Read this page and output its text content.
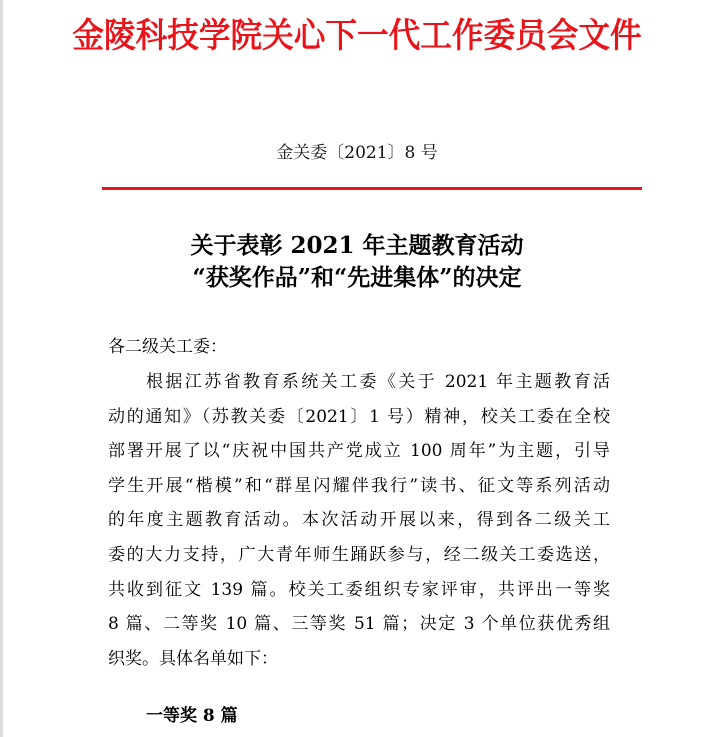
金陵科技学院关心下一代工作委员会文件
金关委〔2021〕8 号
关于表彰 2021 年主题教育活动
“获奖作品”和“先进集体”的决定
各二级关工委：
根据江苏省教育系统关工委《关于 2021 年主题教育活
动的通知》（苏教关委〔2021〕1 号）精神，校关工委在全校
部署开展了以“庆祝中国共产党成立 100 周年”为主题，引导
学生开展“楷模”和“群星闪耀伴我行”读书、征文等系列活动
的年度主题教育活动。本次活动开展以来，得到各二级关工
委的大力支持，广大青年师生踊跃参与，经二级关工委选送，
共收到征文 139 篇。校关工委组织专家评审，共评出一等奖
8 篇、二等奖 10 篇、三等奖 51 篇；决定 3 个单位获优秀组
织奖。具体名单如下：
一等奖 8 篇
